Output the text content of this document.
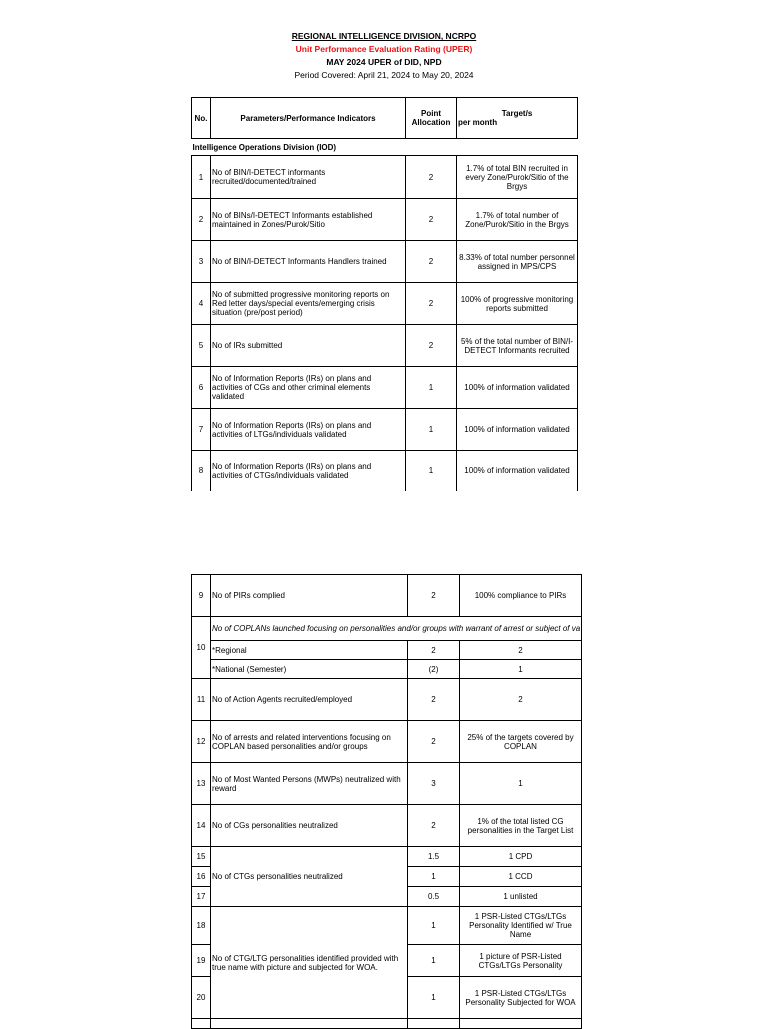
REGIONAL INTELLIGENCE DIVISION, NCRPO
Unit Performance Evaluation Rating (UPER)
MAY 2024 UPER of DID, NPD
Period Covered: April 21, 2024 to May 20, 2024
No.	Parameters/Performance Indicators	Point Allocation	Target/s
per month

Intelligence Operations Division (IOD)			
1	No of BIN/I-DETECT informants recruited/documented/trained	2	1.7% of total BIN recruited in every Zone/Purok/Sitio of the Brgys
2	No of BINs/I-DETECT Informants established maintained in Zones/Purok/Sitio	2	1.7% of total number of Zone/Purok/Sitio in the Brgys
3	No of BIN/I-DETECT Informants Handlers trained	2	8.33% of total number personnel assigned in MPS/CPS
4	No of submitted progressive monitoring reports on Red letter days/special events/emerging crisis situation (pre/post period)	2	100% of progressive monitoring reports submitted
5	No of IRs submitted	2	5% of the total number of BIN/I-DETECT Informants recruited
6	No of Information Reports (IRs) on plans and activities of CGs and other criminal elements validated	1	100% of information validated
7	No of Information Reports (IRs) on plans and activities of LTGs/individuals validated	1	100% of information validated
8	No of Information Reports (IRs) on plans and activities of CTGs/individuals validated	1	100% of information validated
9	No of PIRs complied	2	100% compliance to PIRs
10	No of COPLANs launched focusing on personalities and/or groups with warrant of arrest or subject of va		
	*Regional	2	2
	*National (Semester)	(2)	1
11	No of Action Agents recruited/employed	2	2
12	No of arrests and related interventions focusing on COPLAN based personalities and/or groups	2	25% of the targets covered by COPLAN
13	No of Most Wanted Persons (MWPs) neutralized with reward	3	1
14	No of CGs personalities neutralized	2	1% of the total listed CG personalities in the Target List
15	No of CTGs personalities neutralized	1.5	1 CPD
16		1	1 CCD
17		0.5	1 unlisted
18	No of CTG/LTG personalities identified provided with true name with picture and subjected for WOA.	1	1 PSR-Listed CTGs/LTGs Personality Identified w/ True Name
19		1	1 picture of PSR-Listed CTGs/LTGs Personality
20		1	1 PSR-Listed CTGs/LTGs Personality Subjected for WOA
